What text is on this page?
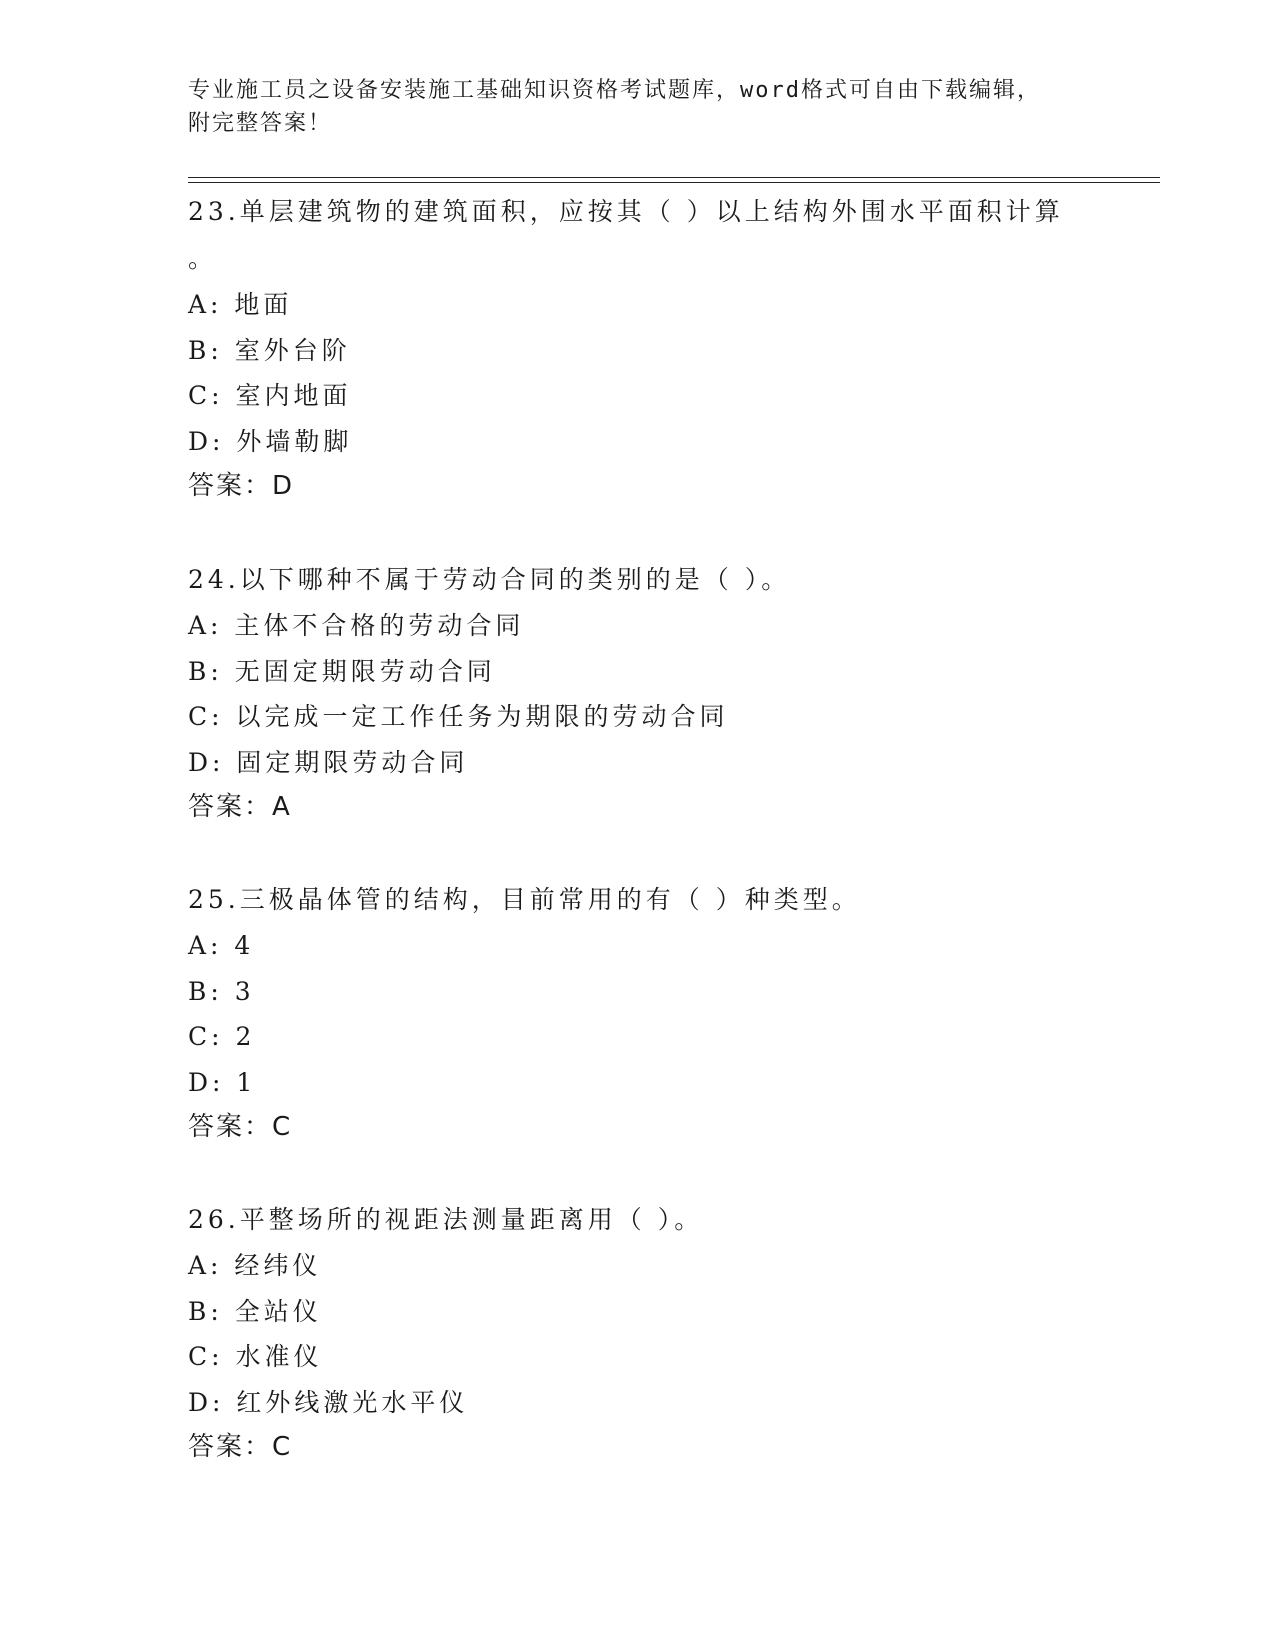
专业施工员之设备安装施工基础知识资格考试题库，word格式可自由下载编辑，
附完整答案！
23.单层建筑物的建筑面积，应按其（ ）以上结构外围水平面积计算
。
A: 地面
B: 室外台阶
C: 室内地面
D: 外墙勒脚
答案：D
24.以下哪种不属于劳动合同的类别的是（ ）。
A: 主体不合格的劳动合同
B: 无固定期限劳动合同
C: 以完成一定工作任务为期限的劳动合同
D: 固定期限劳动合同
答案：A
25.三极晶体管的结构，目前常用的有（ ）种类型。
A: 4
B: 3
C: 2
D: 1
答案：C
26.平整场所的视距法测量距离用（ ）。
A: 经纬仪
B: 全站仪
C: 水准仪
D: 红外线激光水平仪
答案：C
